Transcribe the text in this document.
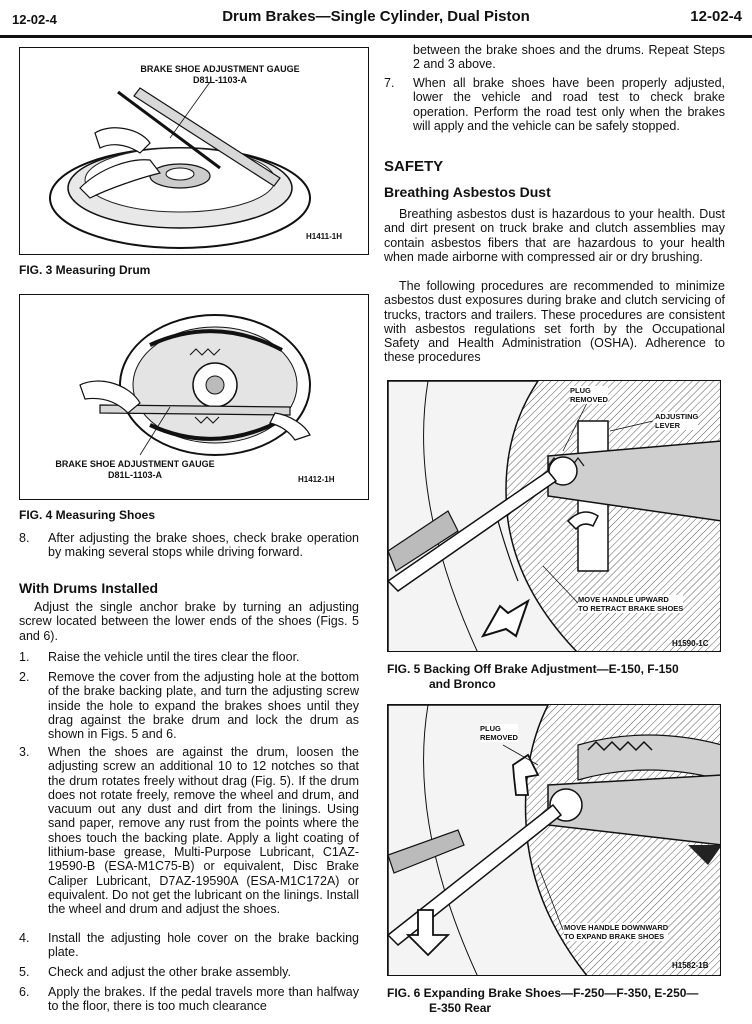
12-02-4	Drum Brakes—Single Cylinder, Dual Piston	12-02-4
BRAKE SHOE ADJUSTMENT GAUGE
D81L-1103-A
H1411-1H
FIG. 3 Measuring Drum
BRAKE SHOE ADJUSTMENT GAUGE
D81L-1103-A	H1412-1H
FIG. 4 Measuring Shoes
8. After adjusting the brake shoes, check brake operation by making several stops while driving forward.
With Drums Installed
Adjust the single anchor brake by turning an adjusting screw located between the lower ends of the shoes (Figs. 5 and 6).
1. Raise the vehicle until the tires clear the floor.
2. Remove the cover from the adjusting hole at the bottom of the brake backing plate, and turn the adjusting screw inside the hole to expand the brakes shoes until they drag against the brake drum and lock the drum as shown in Figs. 5 and 6.
3. When the shoes are against the drum, loosen the adjusting screw an additional 10 to 12 notches so that the drum rotates freely without drag (Fig. 5). If the drum does not rotate freely, remove the wheel and drum, and vacuum out any dust and dirt from the linings. Using sand paper, remove any rust from the points where the shoes touch the backing plate. Apply a light coating of lithium-base grease, Multi-Purpose Lubricant, C1AZ-19590-B (ESA-M1C75-B) or equivalent, Disc Brake Caliper Lubricant, D7AZ-19590A (ESA-M1C172A) or equivalent. Do not get the lubricant on the linings. Install the wheel and drum and adjust the shoes.
4. Install the adjusting hole cover on the brake backing plate.
5. Check and adjust the other brake assembly.
6. Apply the brakes. If the pedal travels more than halfway to the floor, there is too much clearance
between the brake shoes and the drums. Repeat Steps 2 and 3 above.
7. When all brake shoes have been properly adjusted, lower the vehicle and road test to check brake operation. Perform the road test only when the brakes will apply and the vehicle can be safely stopped.
SAFETY
Breathing Asbestos Dust
Breathing asbestos dust is hazardous to your health. Dust and dirt present on truck brake and clutch assemblies may contain asbestos fibers that are hazardous to your health when made airborne with compressed air or dry brushing.
The following procedures are recommended to minimize asbestos dust exposures during brake and clutch servicing of trucks, tractors and trailers. These procedures are consistent with asbestos regulations set forth by the Occupational Safety and Health Administration (OSHA). Adherence to these procedures
PLUG
REMOVED
ADJUSTING
LEVER
MOVE HANDLE UPWARD
TO RETRACT BRAKE SHOES
H1590-1C
FIG. 5 Backing Off Brake Adjustment—E-150, F-150
and Bronco
PLUG
REMOVED
MOVE HANDLE DOWNWARD
TO EXPAND BRAKE SHOES
H1582-1B
FIG. 6 Expanding Brake Shoes—F-250—F-350, E-250—
E-350 Rear
